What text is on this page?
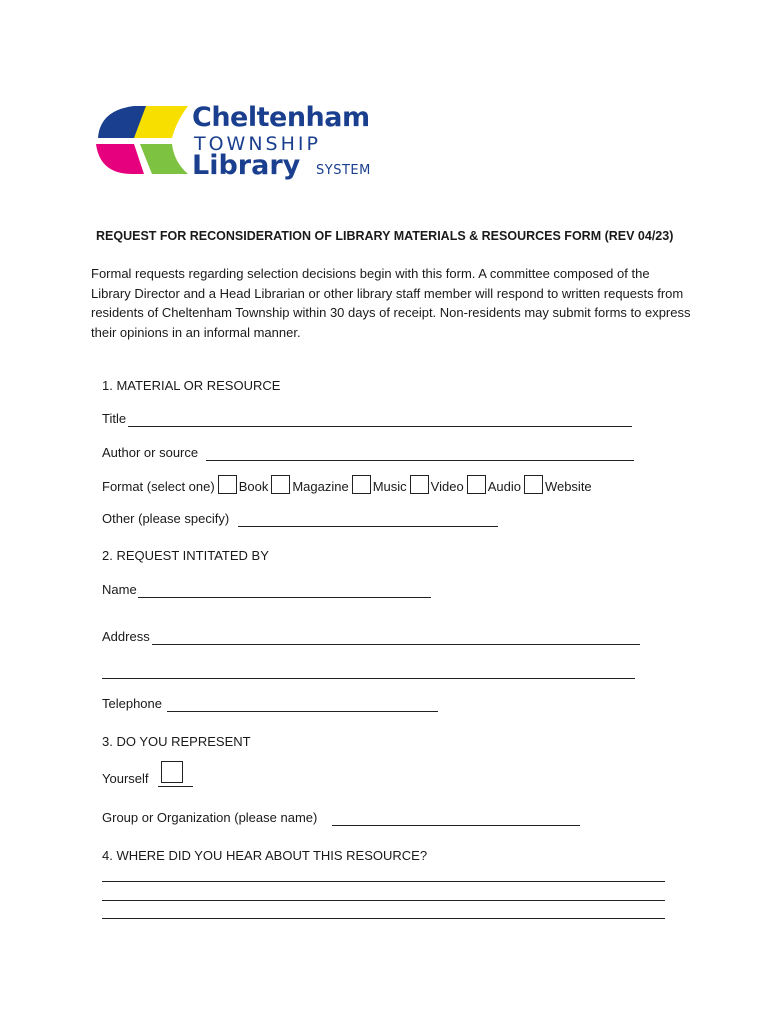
Cheltenham
TOWNSHIP
Library SYSTEM
REQUEST FOR RECONSIDERATION OF LIBRARY MATERIALS & RESOURCES FORM (REV 04/23)
Formal requests regarding selection decisions begin with this form. A committee composed of the Library Director and a Head Librarian or other library staff member will respond to written requests from residents of Cheltenham Township within 30 days of receipt. Non-residents may submit forms to express their opinions in an informal manner.
1. MATERIAL OR RESOURCE
Title
Author or source
Format (select one) Book Magazine Music Video Audio Website
Other (please specify)
2. REQUEST INTITATED BY
Name
Address
Telephone
3. DO YOU REPRESENT
Yourself
Group or Organization (please name)
4. WHERE DID YOU HEAR ABOUT THIS RESOURCE?
